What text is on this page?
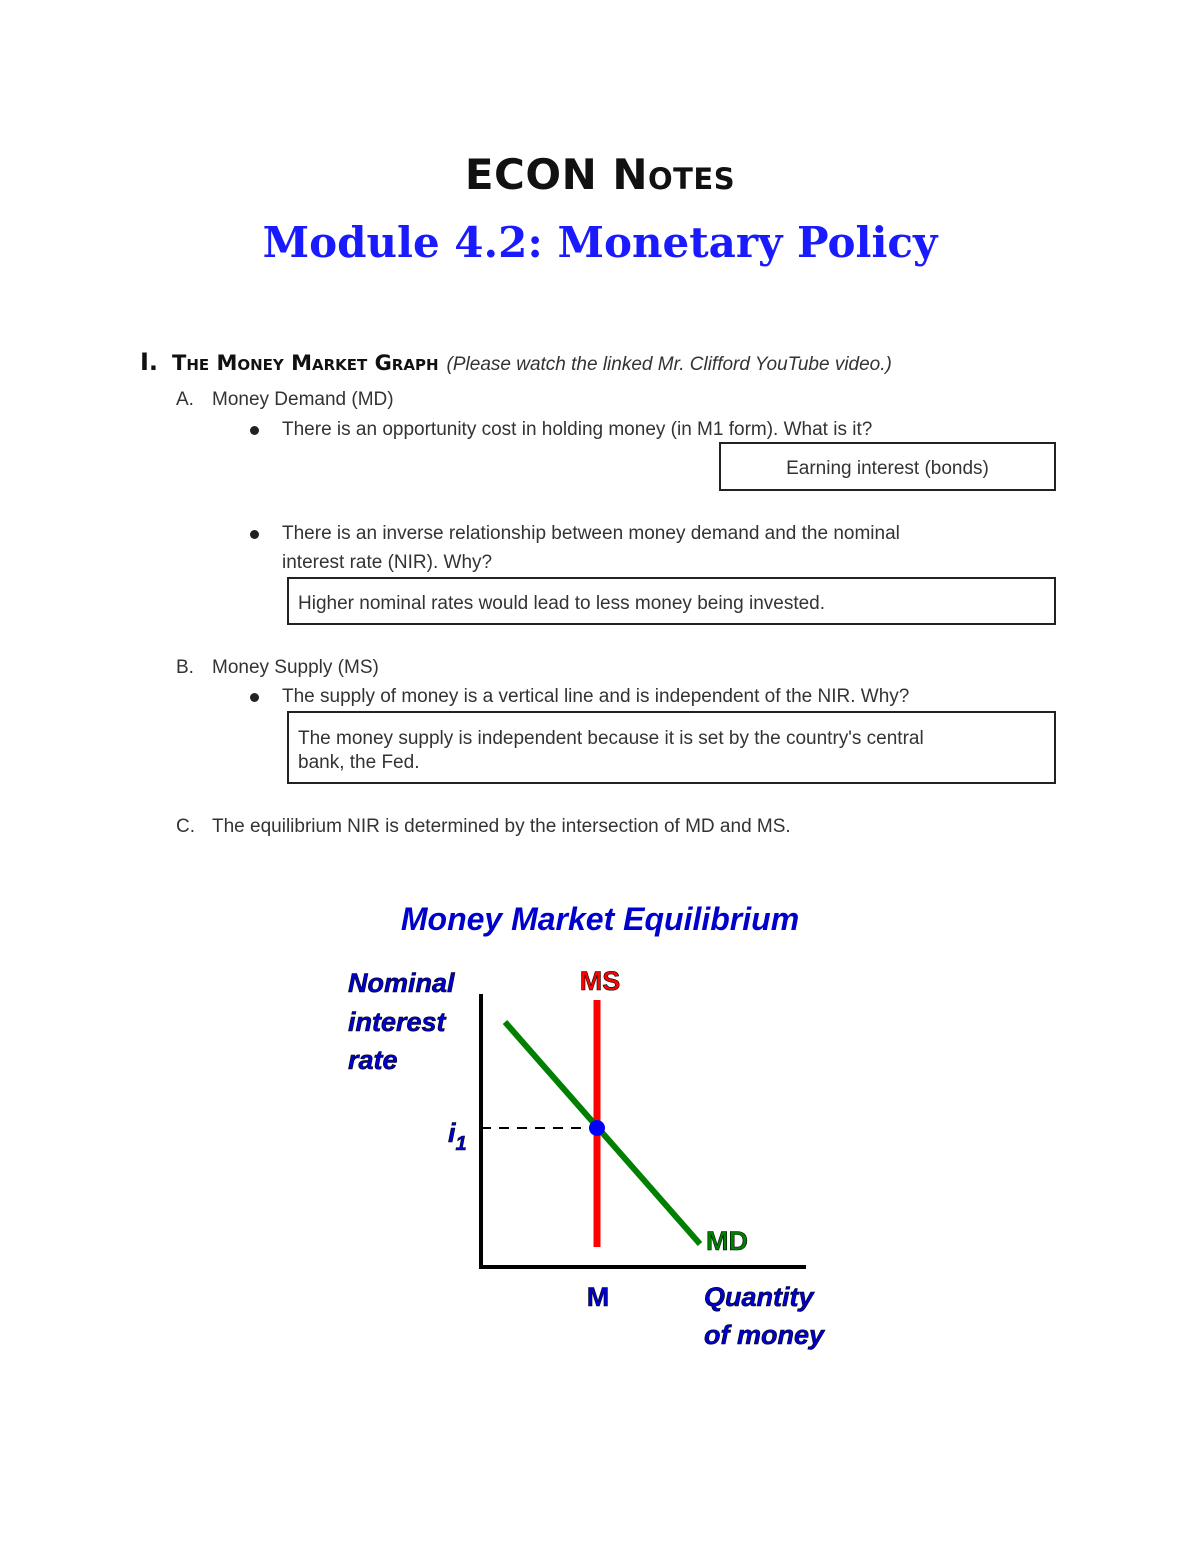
ECON Notes
Module 4.2: Monetary Policy
I. The Money Market Graph (Please watch the linked Mr. Clifford YouTube video.)
A. Money Demand (MD)
There is an opportunity cost in holding money (in M1 form). What is it?
Earning interest (bonds)
There is an inverse relationship between money demand and the nominal
interest rate (NIR). Why?
Higher nominal rates would lead to less money being invested.
B. Money Supply (MS)
The supply of money is a vertical line and is independent of the NIR. Why?
The money supply is independent because it is set by the country's central
bank, the Fed.
C. The equilibrium NIR is determined by the intersection of MD and MS.
Money Market Equilibrium
Nominal
interest
rate
Quantity
of money
$i_1$
M
MS
MD
